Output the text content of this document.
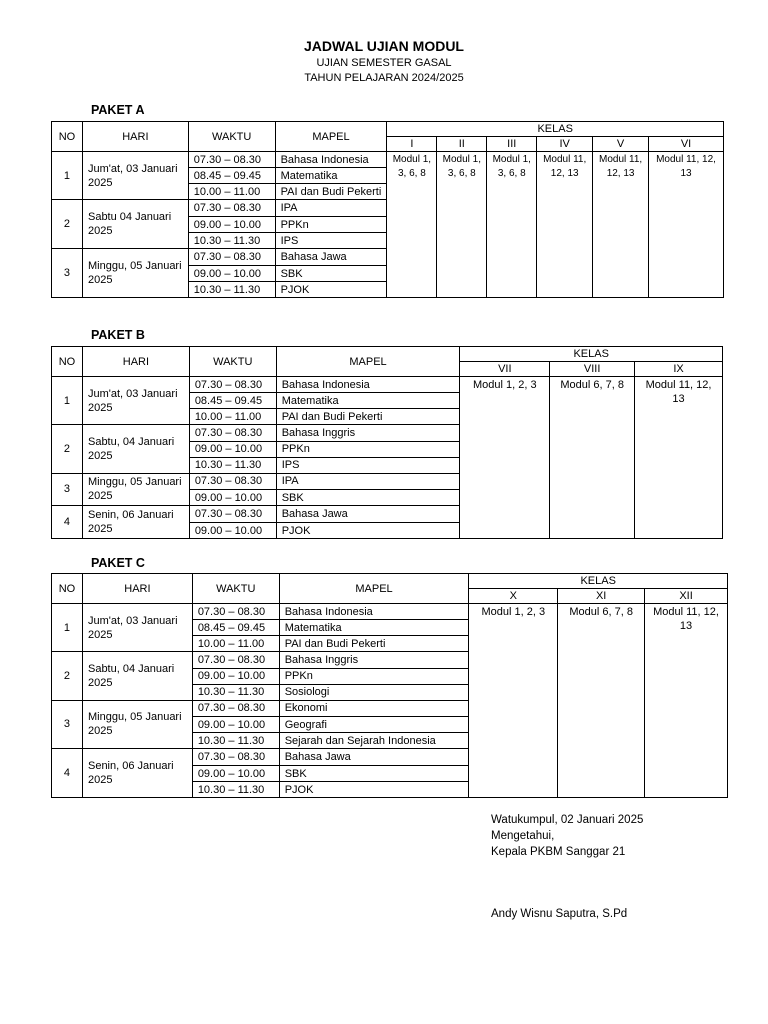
JADWAL UJIAN MODUL
UJIAN SEMESTER GASAL
TAHUN PELAJARAN 2024/2025
PAKET A
NO	HARI	WAKTU	MAPEL	KELAS					
				I	II	III	IV	V	VI
1	Jum'at, 03 Januari 2025	07.30 – 08.30	Bahasa Indonesia	Modul 1, 3, 6, 8	Modul 1, 3, 6, 8	Modul 1, 3, 6, 8	Modul 11, 12, 13	Modul 11, 12, 13	Modul 11, 12, 13
		08.45 – 09.45	Matematika						
		10.00 – 11.00	PAI dan Budi Pekerti						
2	Sabtu 04 Januari 2025	07.30 – 08.30	IPA						
		09.00 – 10.00	PPKn						
		10.30 – 11.30	IPS						
3	Minggu, 05 Januari 2025	07.30 – 08.30	Bahasa Jawa						
		09.00 – 10.00	SBK						
		10.30 – 11.30	PJOK						
PAKET B
NO	HARI	WAKTU	MAPEL	KELAS		
				VII	VIII	IX
1	Jum'at, 03 Januari 2025	07.30 – 08.30	Bahasa Indonesia	Modul 1, 2, 3	Modul 6, 7, 8	Modul 11, 12, 13
		08.45 – 09.45	Matematika			
		10.00 – 11.00	PAI dan Budi Pekerti			
2	Sabtu, 04 Januari 2025	07.30 – 08.30	Bahasa Inggris			
		09.00 – 10.00	PPKn			
		10.30 – 11.30	IPS			
3	Minggu, 05 Januari 2025	07.30 – 08.30	IPA			
		09.00 – 10.00	SBK			
4	Senin, 06 Januari 2025	07.30 – 08.30	Bahasa Jawa			
		09.00 – 10.00	PJOK			
PAKET C
NO	HARI	WAKTU	MAPEL	KELAS		
				X	XI	XII
1	Jum'at, 03 Januari 2025	07.30 – 08.30	Bahasa Indonesia	Modul 1, 2, 3	Modul 6, 7, 8	Modul 11, 12, 13
		08.45 – 09.45	Matematika			
		10.00 – 11.00	PAI dan Budi Pekerti			
2	Sabtu, 04 Januari 2025	07.30 – 08.30	Bahasa Inggris			
		09.00 – 10.00	PPKn			
		10.30 – 11.30	Sosiologi			
3	Minggu, 05 Januari 2025	07.30 – 08.30	Ekonomi			
		09.00 – 10.00	Geografi			
		10.30 – 11.30	Sejarah dan Sejarah Indonesia			
4	Senin, 06 Januari 2025	07.30 – 08.30	Bahasa Jawa			
		09.00 – 10.00	SBK			
		10.30 – 11.30	PJOK			
Watukumpul, 02 Januari 2025
Mengetahui,
Kepala PKBM Sanggar 21
Andy Wisnu Saputra, S.Pd
